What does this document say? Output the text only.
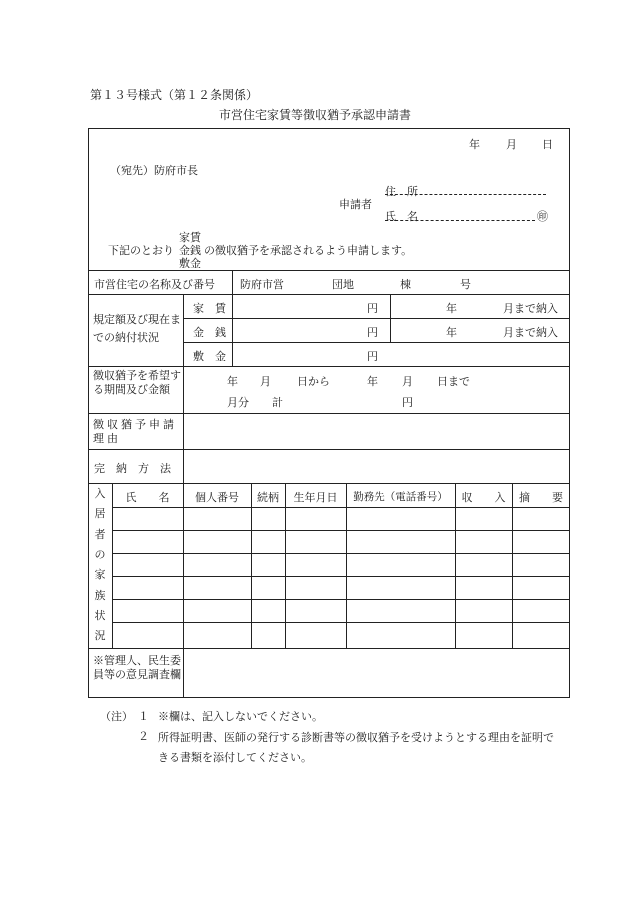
第１３号様式（第１２条関係）
市営住宅家賃等徴収猶予承認申請書
年 月 日
（宛先）防府市長
申請者
住　所
氏　名	㊞
家賃
下記のとおり 金銭 の徴収猶予を承認されるよう申請します。
敷金
市営住宅の名称及び番号 防府市営	団地	棟	号
規定額及び現在までの納付状況
家　賃	円	年	月まで納入
金　銭	円	年	月まで納入
敷　金	円
徴収猶予を希望する期間及び金額
年 月 日から	年 月 日まで
月分 計	円
徴収猶予申請理由
完　納　方　法
入
居
者
の
家
族
状
況
氏　　名	個人番号	続柄	生年月日	勤務先（電話番号）	収　　入	摘　　要
※管理人、民生委員等の意見調査欄
（注） １ ※欄は、記入しないでください。
２ 所得証明書、医師の発行する診断書等の徴収猶予を受けようとする理由を証明できる書類を添付してください。
